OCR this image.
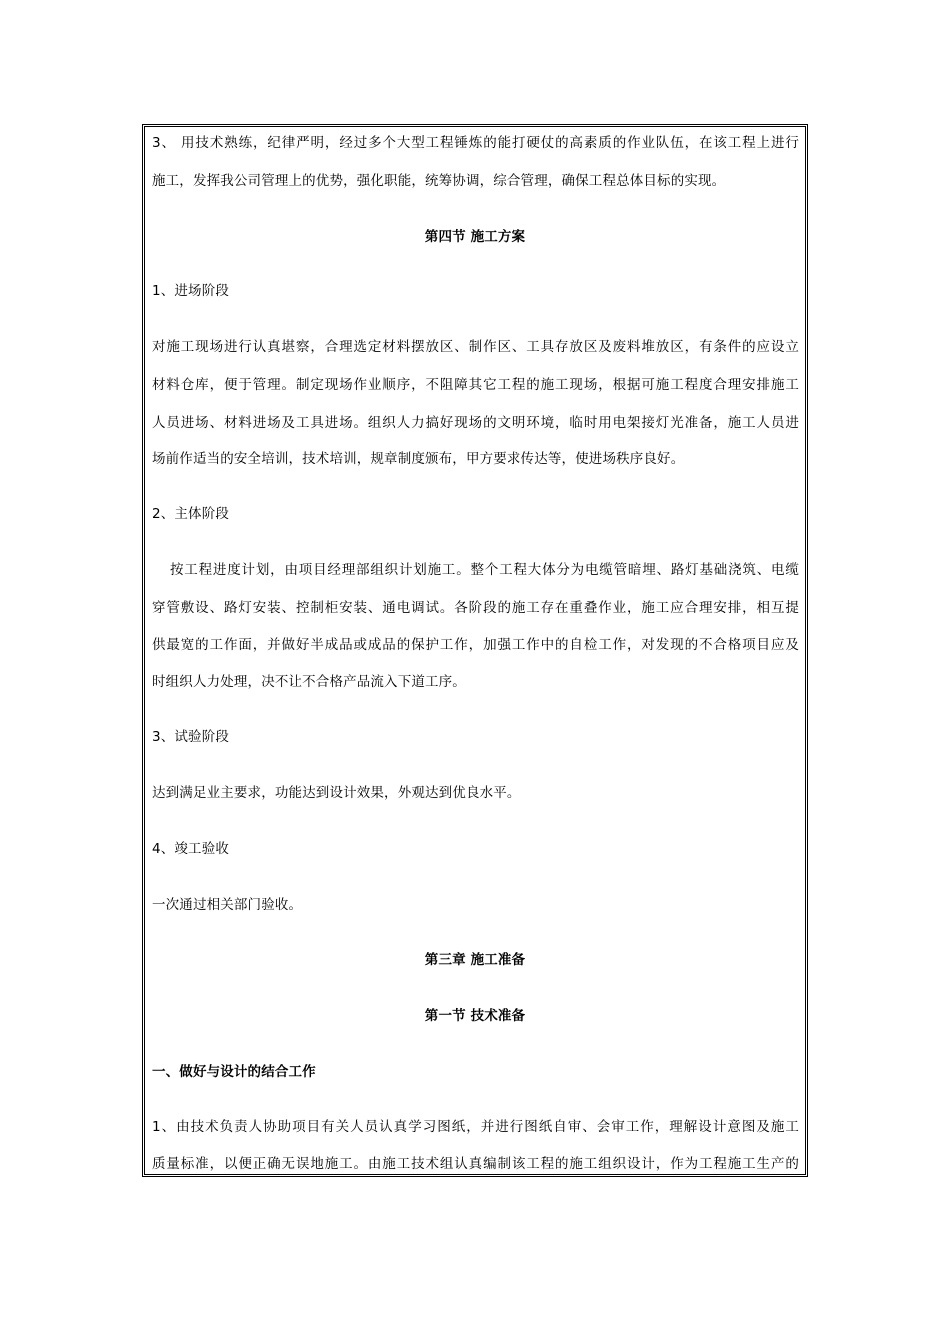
3、 用技术熟练，纪律严明，经过多个大型工程锤炼的能打硬仗的高素质的作业队伍，在该工程上进行
施工，发挥我公司管理上的优势，强化职能，统筹协调，综合管理，确保工程总体目标的实现。
第四节 施工方案
1、进场阶段
对施工现场进行认真堪察，合理选定材料摆放区、制作区、工具存放区及废料堆放区，有条件的应设立
材料仓库，便于管理。制定现场作业顺序，不阻障其它工程的施工现场，根据可施工程度合理安排施工
人员进场、材料进场及工具进场。组织人力搞好现场的文明环境，临时用电架接灯光准备，施工人员进
场前作适当的安全培训，技术培训，规章制度颁布，甲方要求传达等，使进场秩序良好。
2、主体阶段
按工程进度计划，由项目经理部组织计划施工。整个工程大体分为电缆管暗埋、路灯基础浇筑、电缆
穿管敷设、路灯安装、控制柜安装、通电调试。各阶段的施工存在重叠作业，施工应合理安排，相互提
供最宽的工作面，并做好半成品或成品的保护工作，加强工作中的自检工作，对发现的不合格项目应及
时组织人力处理，决不让不合格产品流入下道工序。
3、试验阶段
达到满足业主要求，功能达到设计效果，外观达到优良水平。
4、竣工验收
一次通过相关部门验收。
第三章 施工准备
第一节 技术准备
一、做好与设计的结合工作
1、由技术负责人协助项目有关人员认真学习图纸，并进行图纸自审、会审工作，理解设计意图及施工
质量标准，以便正确无误地施工。由施工技术组认真编制该工程的施工组织设计，作为工程施工生产的
